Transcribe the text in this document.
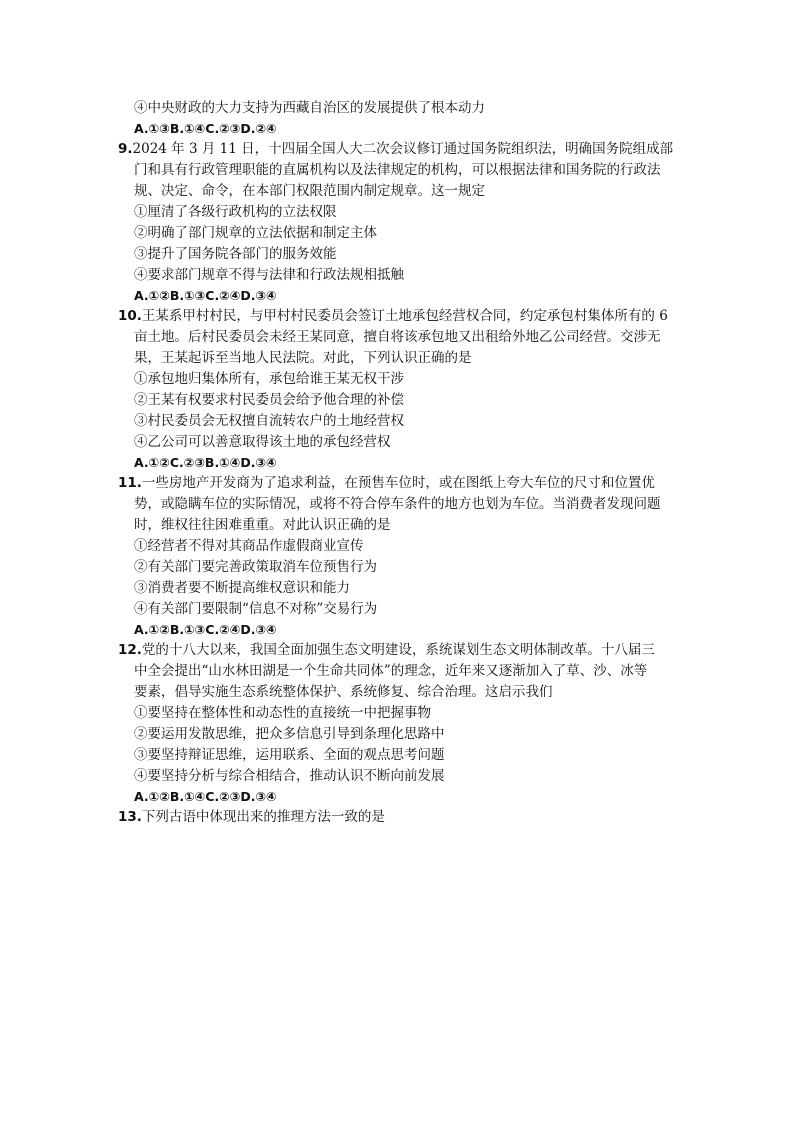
④中央财政的大力支持为西藏自治区的发展提供了根本动力
A.①③B.①④C.②③D.②④
9.2024 年 3 月 11 日，十四届全国人大二次会议修订通过国务院组织法，明确国务院组成部
门和具有行政管理职能的直属机构以及法律规定的机构，可以根据法律和国务院的行政法
规、决定、命令，在本部门权限范围内制定规章。这一规定
①厘清了各级行政机构的立法权限
②明确了部门规章的立法依据和制定主体
③提升了国务院各部门的服务效能
④要求部门规章不得与法律和行政法规相抵触
A.①②B.①③C.②④D.③④
10.王某系甲村村民，与甲村村民委员会签订土地承包经营权合同，约定承包村集体所有的 6
亩土地。后村民委员会未经王某同意，擅自将该承包地又出租给外地乙公司经营。交涉无
果，王某起诉至当地人民法院。对此，下列认识正确的是
①承包地归集体所有，承包给谁王某无权干涉
②王某有权要求村民委员会给予他合理的补偿
③村民委员会无权擅自流转农户的土地经营权
④乙公司可以善意取得该土地的承包经营权
A.①②C.②③B.①④D.③④
11.一些房地产开发商为了追求利益，在预售车位时，或在图纸上夸大车位的尺寸和位置优
势，或隐瞒车位的实际情况，或将不符合停车条件的地方也划为车位。当消费者发现问题
时，维权往往困难重重。对此认识正确的是
①经营者不得对其商品作虚假商业宣传
②有关部门要完善政策取消车位预售行为
③消费者要不断提高维权意识和能力
④有关部门要限制“信息不对称”交易行为
A.①②B.①③C.②④D.③④
12.党的十八大以来，我国全面加强生态文明建设，系统谋划生态文明体制改革。十八届三
中全会提出“山水林田湖是一个生命共同体”的理念，近年来又逐渐加入了草、沙、冰等
要素，倡导实施生态系统整体保护、系统修复、综合治理。这启示我们
①要坚持在整体性和动态性的直接统一中把握事物
②要运用发散思维，把众多信息引导到条理化思路中
③要坚持辩证思维，运用联系、全面的观点思考问题
④要坚持分析与综合相结合，推动认识不断向前发展
A.①②B.①④C.②③D.③④
13.下列古语中体现出来的推理方法一致的是
